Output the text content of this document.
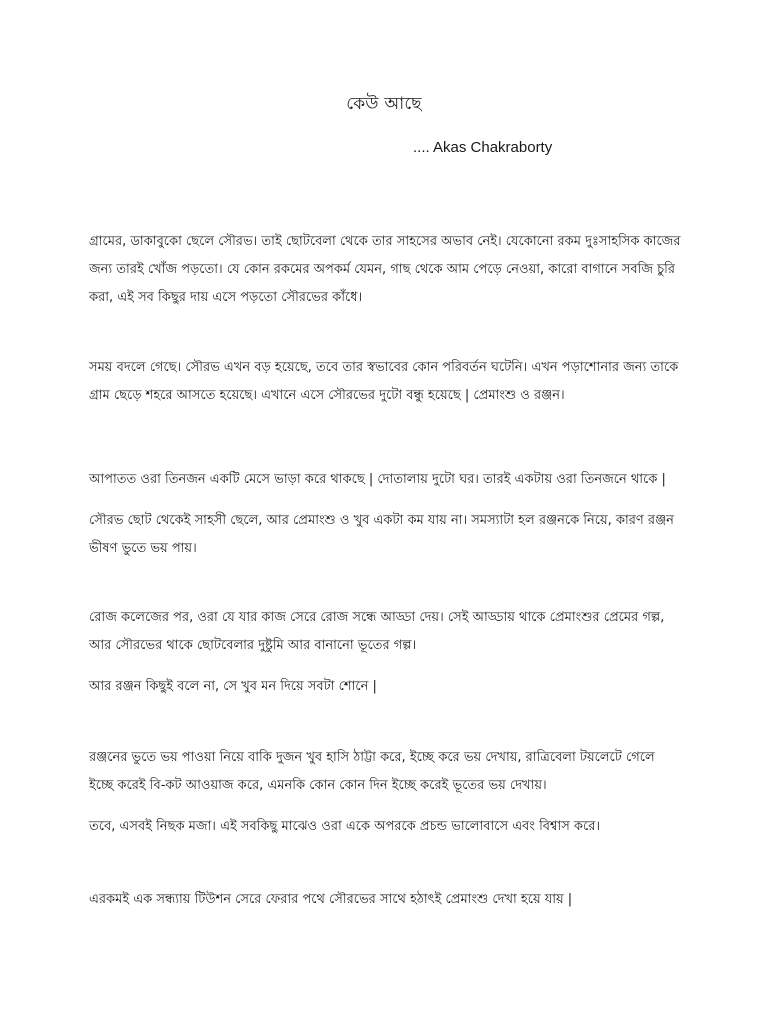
কেউ আছে
.... Akas Chakraborty

গ্রামের, ডাকাবুকো ছেলে সৌরভ। তাই ছোটবেলা থেকে তার সাহসের অভাব নেই। যেকোনো রকম দুঃসাহসিক কাজের জন্য তারই খোঁজ পড়তো। যে কোন রকমের অপকর্ম যেমন, গাছ থেকে আম পেড়ে নেওয়া, কারো বাগানে সবজি চুরি করা, এই সব কিছুর দায় এসে পড়তো সৌরভের কাঁধে।

সময় বদলে গেছে। সৌরভ এখন বড় হয়েছে, তবে তার স্বভাবের কোন পরিবর্তন ঘটেনি। এখন পড়াশোনার জন্য তাকে গ্রাম ছেড়ে শহরে আসতে হয়েছে। এখানে এসে সৌরভের দুটো বন্ধু হয়েছে | প্রেমাংশু ও রঞ্জন।

আপাতত ওরা তিনজন একটি মেসে ভাড়া করে থাকছে | দোতালায় দুটো ঘর। তারই একটায় ওরা তিনজনে থাকে |

সৌরভ ছোট থেকেই সাহসী ছেলে, আর প্রেমাংশু ও খুব একটা কম যায় না। সমস্যাটা হল রঞ্জনকে নিয়ে, কারণ রঞ্জন ভীষণ ভুতে ভয় পায়।

রোজ কলেজের পর, ওরা যে যার কাজ সেরে রোজ সন্ধে আড্ডা দেয়। সেই আড্ডায় থাকে প্রেমাংশুর প্রেমের গল্প, আর সৌরভের থাকে ছোটবেলার দুষ্টুমি আর বানানো ভূতের গল্প।

আর রঞ্জন কিছুই বলে না, সে খুব মন দিয়ে সবটা শোনে |

রঞ্জনের ভুতে ভয় পাওয়া নিয়ে বাকি দুজন খুব হাসি ঠাট্টা করে, ইচ্ছে করে ভয় দেখায়, রাত্রিবেলা টয়লেটে গেলে ইচ্ছে করেই বি-কট আওয়াজ করে, এমনকি কোন কোন দিন ইচ্ছে করেই ভূতের ভয় দেখায়।

তবে, এসবই নিছক মজা। এই সবকিছু মাঝেও ওরা একে অপরকে প্রচন্ড ভালোবাসে এবং বিশ্বাস করে।

এরকমই এক সন্ধ্যায় টিউশন সেরে ফেরার পথে সৌরভের সাথে হঠাৎই প্রেমাংশু দেখা হয়ে যায় |
